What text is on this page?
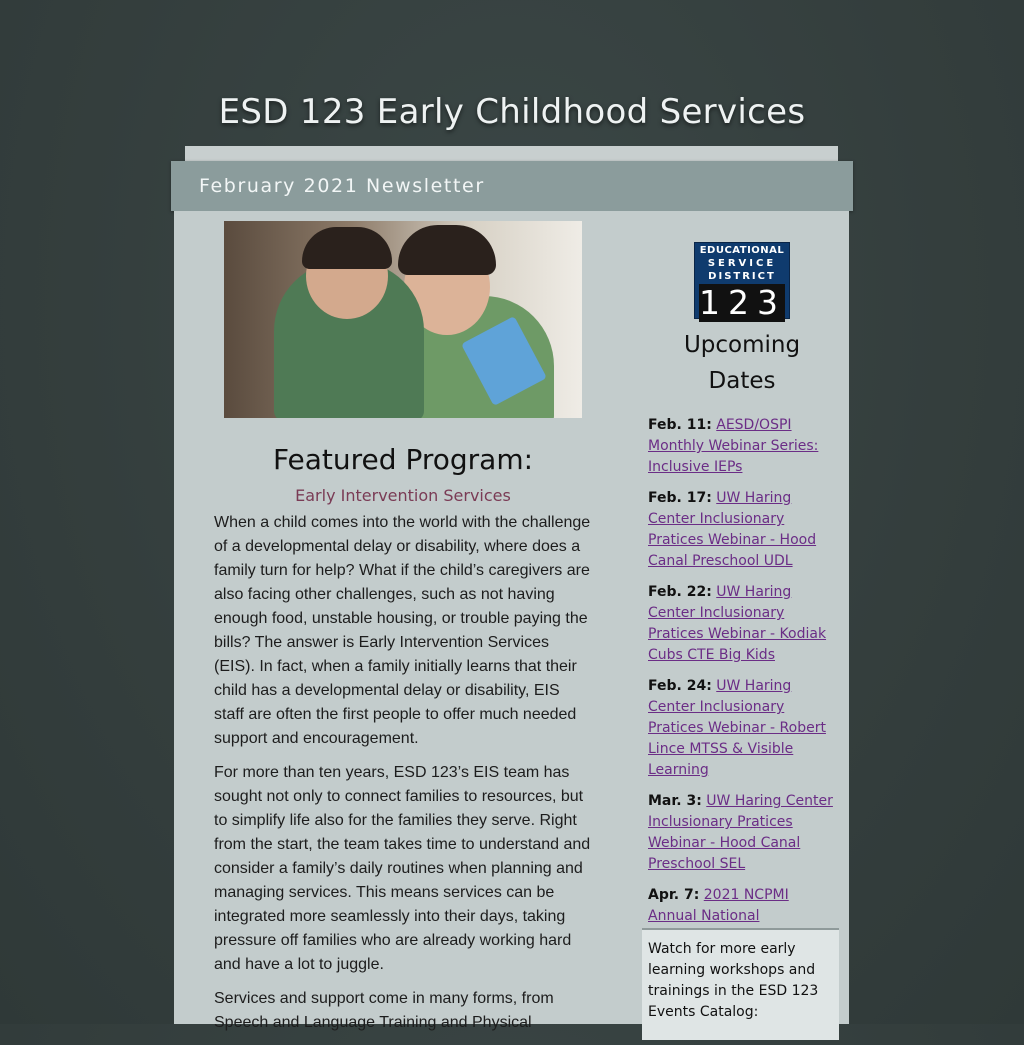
ESD 123 Early Childhood Services
February 2021 Newsletter
Featured Program:
Early Intervention Services

When a child comes into the world with the challenge of a developmental delay or disability, where does a family turn for help? What if the child’s caregivers are also facing other challenges, such as not having enough food, unstable housing, or trouble paying the bills? The answer is Early Intervention Services (EIS). In fact, when a family initially learns that their child has a developmental delay or disability, EIS staff are often the first people to offer much needed support and encouragement.

For more than ten years, ESD 123’s EIS team has sought not only to connect families to resources, but to simplify life also for the families they serve. Right from the start, the team takes time to understand and consider a family’s daily routines when planning and managing services. This means services can be integrated more seamlessly into their days, taking pressure off families who are already working hard and have a lot to juggle.

Services and support come in many forms, from Speech and Language Training and Physical

EDUCATIONAL
SERVICE
DISTRICT
123
Upcoming
Dates
Feb. 11: AESD/OSPI Monthly Webinar Series: Inclusive IEPs
Feb. 17: UW Haring Center Inclusionary Pratices Webinar - Hood Canal Preschool UDL
Feb. 22: UW Haring Center Inclusionary Pratices Webinar - Kodiak Cubs CTE Big Kids
Feb. 24: UW Haring Center Inclusionary Pratices Webinar - Robert Lince MTSS & Visible Learning
Mar. 3: UW Haring Center Inclusionary Pratices Webinar - Hood Canal Preschool SEL
Apr. 7: 2021 NCPMI Annual National
Watch for more early learning workshops and trainings in the ESD 123 Events Catalog:
